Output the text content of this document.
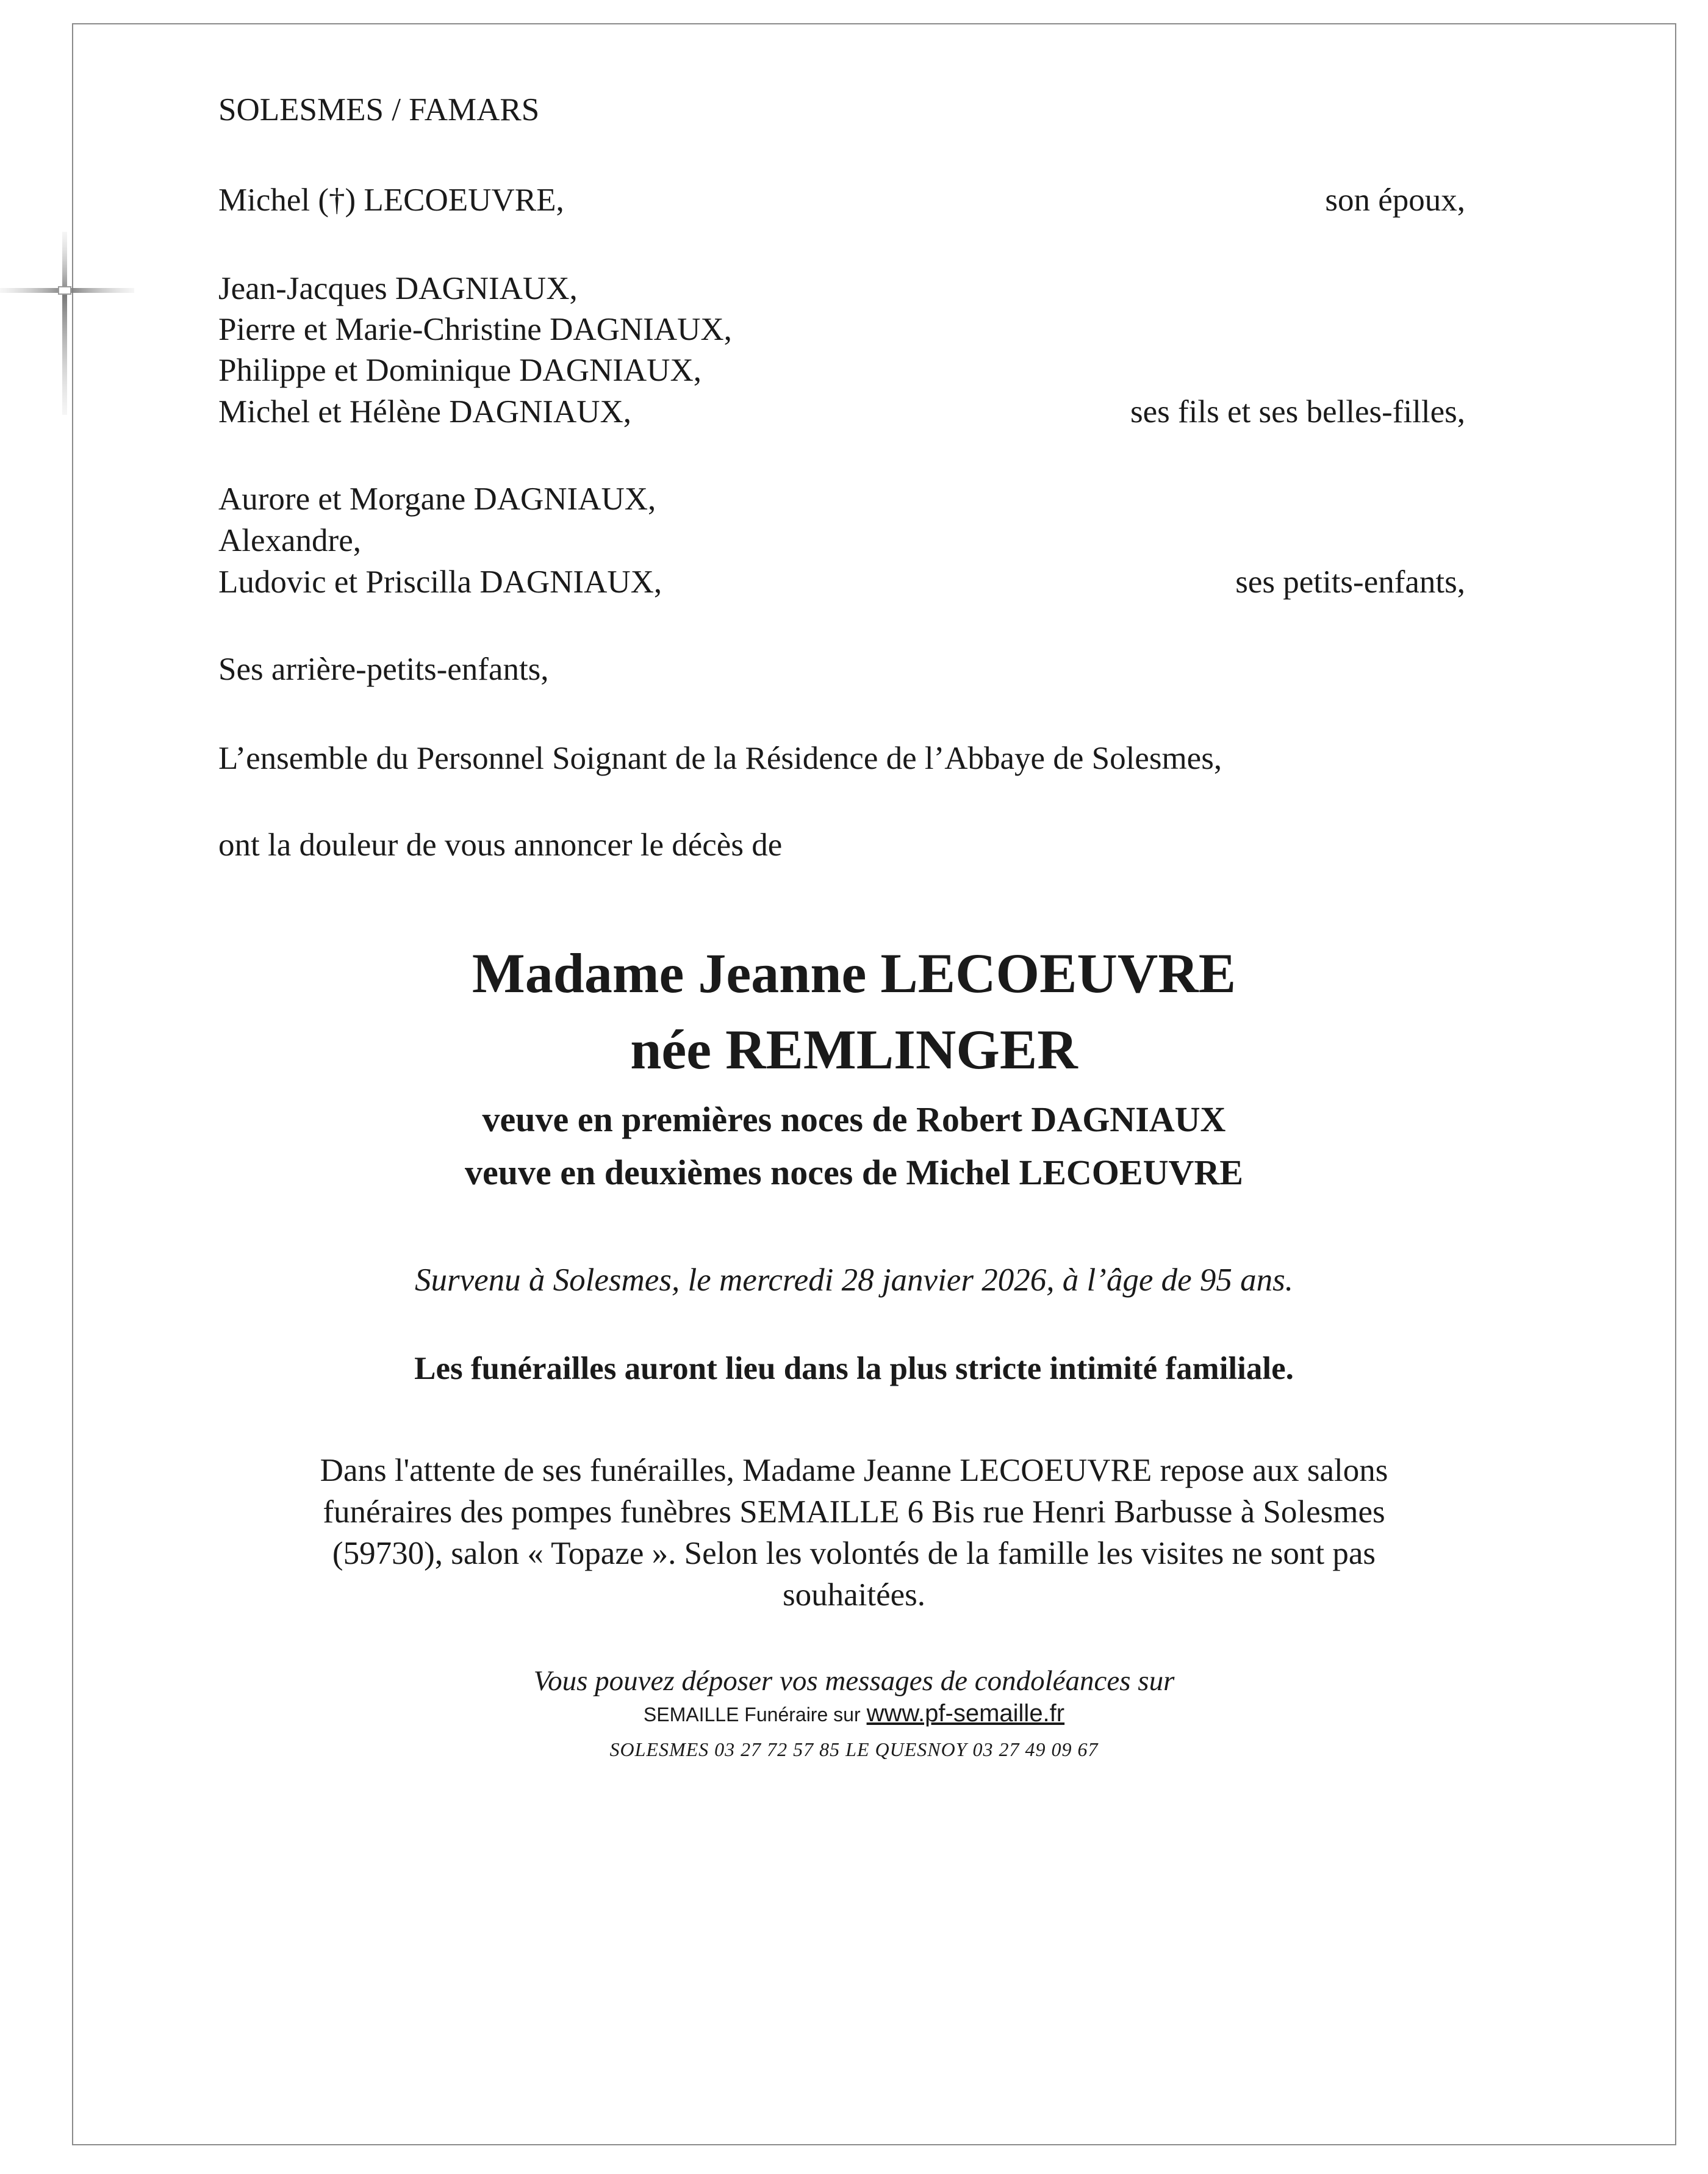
SOLESMES / FAMARS
Michel (†) LECOEUVRE,	son époux,
Jean-Jacques DAGNIAUX,
Pierre et Marie-Christine DAGNIAUX,
Philippe et Dominique DAGNIAUX,
Michel et Hélène DAGNIAUX,	ses fils et ses belles-filles,
Aurore et Morgane DAGNIAUX,
Alexandre,
Ludovic et Priscilla DAGNIAUX,	ses petits-enfants,
Ses arrière-petits-enfants,
L’ensemble du Personnel Soignant de la Résidence de l’Abbaye de Solesmes,
ont la douleur de vous annoncer le décès de
Madame Jeanne LECOEUVRE
née REMLINGER
veuve en premières noces de Robert DAGNIAUX
veuve en deuxièmes noces de Michel LECOEUVRE
Survenu à Solesmes, le mercredi 28 janvier 2026, à l’âge de 95 ans.
Les funérailles auront lieu dans la plus stricte intimité familiale.
Dans l'attente de ses funérailles, Madame Jeanne LECOEUVRE repose aux salons
funéraires des pompes funèbres SEMAILLE 6 Bis rue Henri Barbusse à Solesmes
(59730), salon « Topaze ». Selon les volontés de la famille les visites ne sont pas
souhaitées.
Vous pouvez déposer vos messages de condoléances sur
SEMAILLE Funéraire sur www.pf-semaille.fr
SOLESMES 03 27 72 57 85 LE QUESNOY 03 27 49 09 67
